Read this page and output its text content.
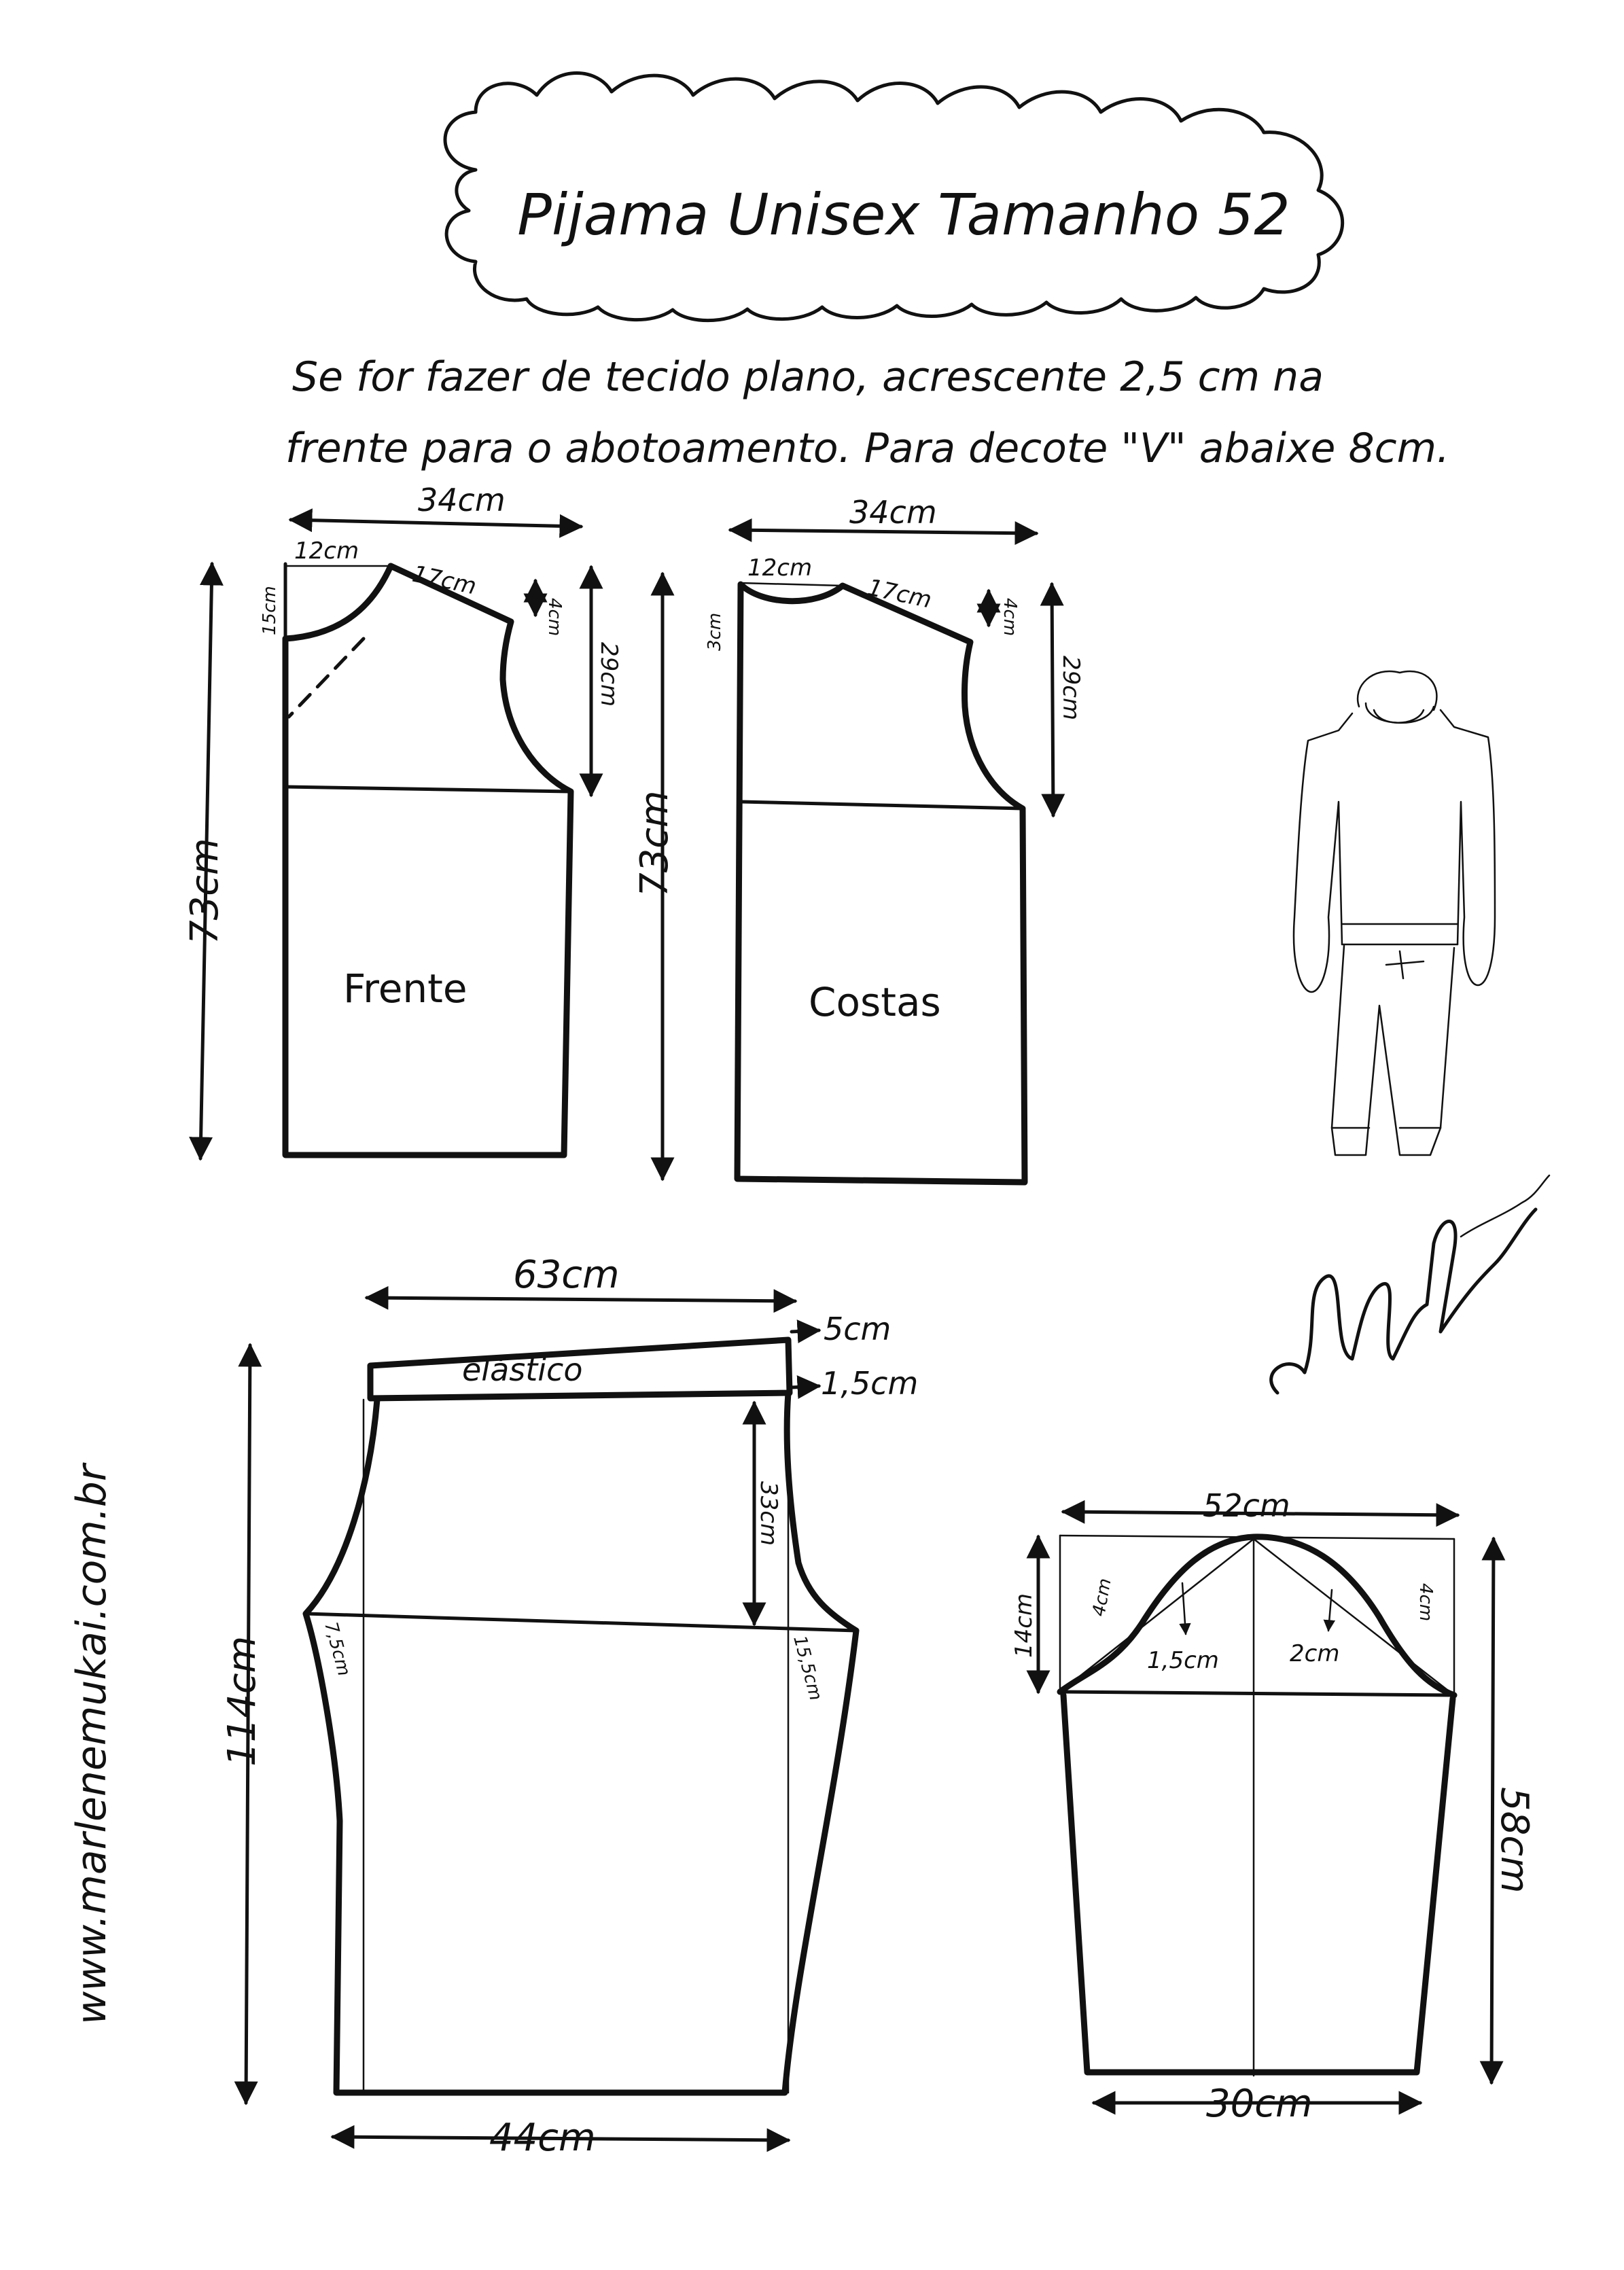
Pijama Unisex Tamanho 52
Se for fazer de tecido plano, acrescente 2,5 cm na
frente para o abotoamento. Para decote "V" abaixe 8cm.
34cm
12cm
17cm
15cm	4cm
29cm
73cm
Frente
34cm
12cm
17cm
3cm	4cm
29cm
73cm
Costas
www.marlenemukai.com.br
elástico
63cm
5cm
1,5cm
33cm
7,5cm	15,5cm
114cm
44cm
52cm
14cm	4cm
1,5cm	2cm
4cm
58cm
30cm
